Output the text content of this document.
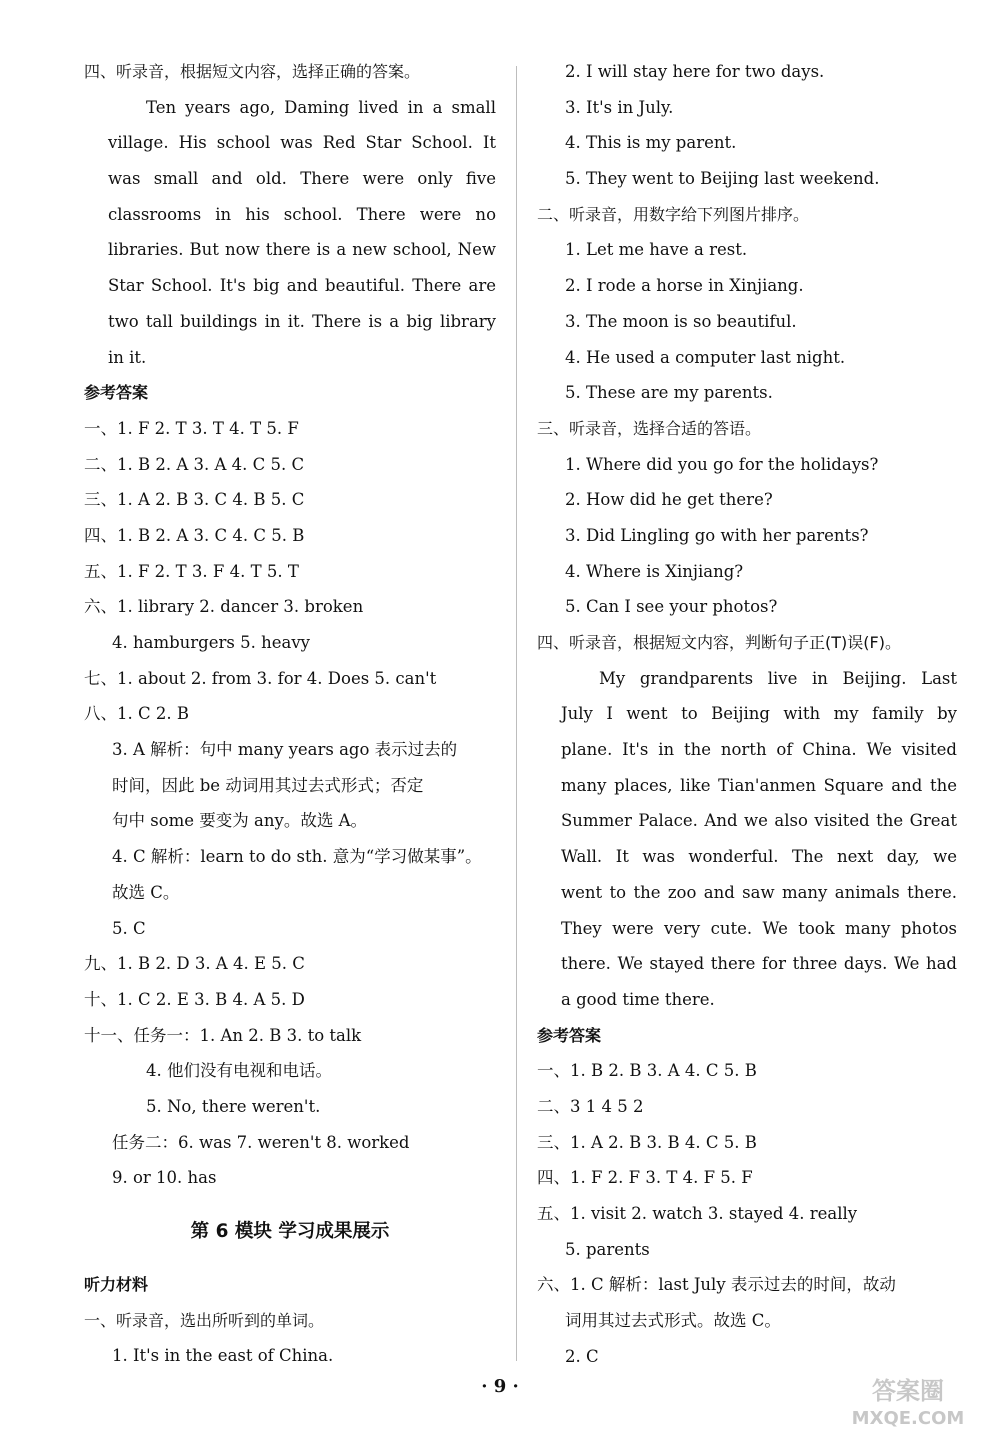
四、听录音，根据短文内容，选择正确的答案。
Ten years ago, Daming lived in a small
village. His school was Red Star School. It
was small and old. There were only five
classrooms in his school. There were no
libraries. But now there is a new school, New
Star School. It's big and beautiful. There are
two tall buildings in it. There is a big library
in it.
参考答案
一、1. F 2. T 3. T 4. T 5. F
二、1. B 2. A 3. A 4. C 5. C
三、1. A 2. B 3. C 4. B 5. C
四、1. B 2. A 3. C 4. C 5. B
五、1. F 2. T 3. F 4. T 5. T
六、1. library 2. dancer 3. broken
4. hamburgers 5. heavy
七、1. about 2. from 3. for 4. Does 5. can't
八、1. C 2. B
3. A 解析：句中 many years ago 表示过去的
时间，因此 be 动词用其过去式形式；否定
句中 some 要变为 any。故选 A。
4. C 解析：learn to do sth. 意为“学习做某事”。
故选 C。
5. C
九、1. B 2. D 3. A 4. E 5. C
十、1. C 2. E 3. B 4. A 5. D
十一、任务一：1. An 2. B 3. to talk
4. 他们没有电视和电话。
5. No, there weren't.
任务二：6. was 7. weren't 8. worked
9. or 10. has
第 6 模块 学习成果展示
听力材料
一、听录音，选出所听到的单词。
1. It's in the east of China.
2. I will stay here for two days.
3. It's in July.
4. This is my parent.
5. They went to Beijing last weekend.
二、听录音，用数字给下列图片排序。
1. Let me have a rest.
2. I rode a horse in Xinjiang.
3. The moon is so beautiful.
4. He used a computer last night.
5. These are my parents.
三、听录音，选择合适的答语。
1. Where did you go for the holidays?
2. How did he get there?
3. Did Lingling go with her parents?
4. Where is Xinjiang?
5. Can I see your photos?
四、听录音，根据短文内容，判断句子正(T)误(F)。
My grandparents live in Beijing. Last
July I went to Beijing with my family by
plane. It's in the north of China. We visited
many places, like Tian'anmen Square and the
Summer Palace. And we also visited the Great
Wall. It was wonderful. The next day, we
went to the zoo and saw many animals there.
They were very cute. We took many photos
there. We stayed there for three days. We had
a good time there.
参考答案
一、1. B 2. B 3. A 4. C 5. B
二、3 1 4 5 2
三、1. A 2. B 3. B 4. C 5. B
四、1. F 2. F 3. T 4. F 5. F
五、1. visit 2. watch 3. stayed 4. really
5. parents
六、1. C 解析：last July 表示过去的时间，故动
词用其过去式形式。故选 C。
2. C
· 9 ·	答案圈
MXQE.COM
